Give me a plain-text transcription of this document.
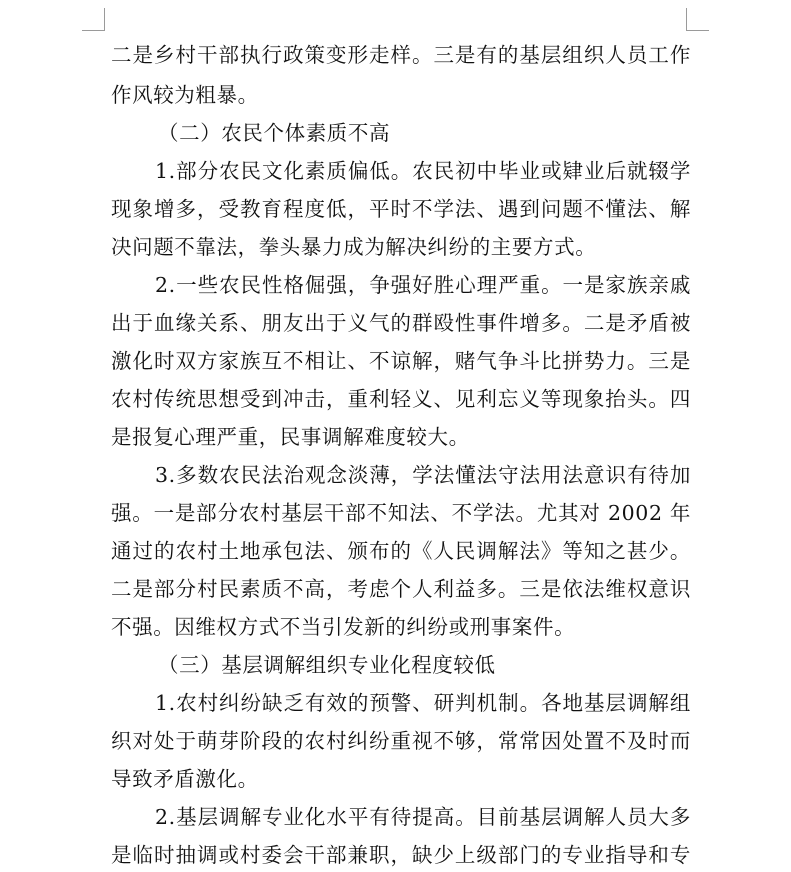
二是乡村干部执行政策变形走样。三是有的基层组织人员工作
作风较为粗暴。
（二）农民个体素质不高
1.部分农民文化素质偏低。农民初中毕业或肄业后就辍学
现象增多，受教育程度低，平时不学法、遇到问题不懂法、解
决问题不靠法，拳头暴力成为解决纠纷的主要方式。
2.一些农民性格倔强，争强好胜心理严重。一是家族亲戚
出于血缘关系、朋友出于义气的群殴性事件增多。二是矛盾被
激化时双方家族互不相让、不谅解，赌气争斗比拼势力。三是
农村传统思想受到冲击，重利轻义、见利忘义等现象抬头。四
是报复心理严重，民事调解难度较大。
3.多数农民法治观念淡薄，学法懂法守法用法意识有待加
强。一是部分农村基层干部不知法、不学法。尤其对 2002 年
通过的农村土地承包法、颁布的《人民调解法》等知之甚少。
二是部分村民素质不高，考虑个人利益多。三是依法维权意识
不强。因维权方式不当引发新的纠纷或刑事案件。
（三）基层调解组织专业化程度较低
1.农村纠纷缺乏有效的预警、研判机制。各地基层调解组
织对处于萌芽阶段的农村纠纷重视不够，常常因处置不及时而
导致矛盾激化。
2.基层调解专业化水平有待提高。目前基层调解人员大多
是临时抽调或村委会干部兼职，缺少上级部门的专业指导和专
